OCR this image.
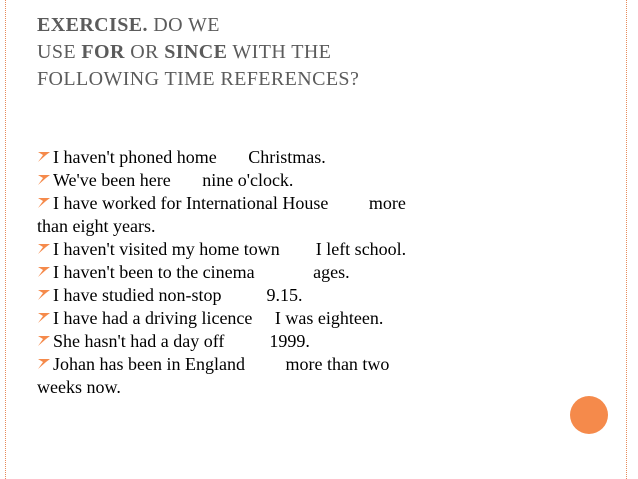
EXERCISE. DO WE
USE FOR OR SINCE WITH THE
FOLLOWING TIME REFERENCES?
I haven't phoned home       Christmas.
We've been here       nine o'clock.
I have worked for International House         more
than eight years.
I haven't visited my home town        I left school.
I haven't been to the cinema             ages.
I have studied non-stop          9.15.
I have had a driving licence     I was eighteen.
She hasn't had a day off          1999.
Johan has been in England         more than two
weeks now.
